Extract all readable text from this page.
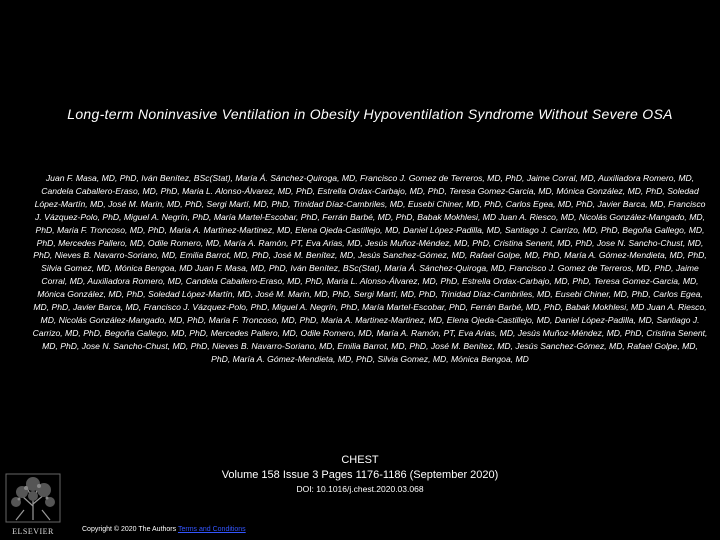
Long-term Noninvasive Ventilation in Obesity Hypoventilation Syndrome Without Severe OSA
Juan F. Masa, MD, PhD, Iván Benítez, BSc(Stat), María Á. Sánchez-Quiroga, MD, Francisco J. Gomez de Terreros, MD, PhD, Jaime Corral, MD, Auxiliadora Romero, MD, Candela Caballero-Eraso, MD, PhD, Maria L. Alonso-Álvarez, MD, PhD, Estrella Ordax-Carbajo, MD, PhD, Teresa Gomez-Garcia, MD, Mónica González, MD, PhD, Soledad López-Martín, MD, José M. Marin, MD, PhD, Sergi Martí, MD, PhD, Trinidad Díaz-Cambriles, MD, Eusebi Chiner, MD, PhD, Carlos Egea, MD, PhD, Javier Barca, MD, Francisco J. Vázquez-Polo, PhD, Miguel A. Negrín, PhD, María Martel-Escobar, PhD, Ferrán Barbé, MD, PhD, Babak Mokhlesi, MD Juan A. Riesco, MD, Nicolás González-Mangado, MD, PhD, Maria F. Troncoso, MD, PhD, Maria A. Martinez-Martinez, MD, Elena Ojeda-Castillejo, MD, Daniel López-Padilla, MD, Santiago J. Carrizo, MD, PhD, Begoña Gallego, MD, PhD, Mercedes Pallero, MD, Odile Romero, MD, María A. Ramón, PT, Eva Arias, MD, Jesús Muñoz-Méndez, MD, PhD, Cristina Senent, MD, PhD, Jose N. Sancho-Chust, MD, PhD, Nieves B. Navarro-Soriano, MD, Emilia Barrot, MD, PhD, José M. Benítez, MD, Jesús Sanchez-Gómez, MD, Rafael Golpe, MD, PhD, María A. Gómez-Mendieta, MD, PhD, Silvia Gomez, MD, Mónica Bengoa, MD Juan F. Masa, MD, PhD, Iván Benítez, BSc(Stat), María Á. Sánchez-Quiroga, MD, Francisco J. Gomez de Terreros, MD, PhD, Jaime Corral, MD, Auxiliadora Romero, MD, Candela Caballero-Eraso, MD, PhD, Maria L. Alonso-Álvarez, MD, PhD, Estrella Ordax-Carbajo, MD, PhD, Teresa Gomez-Garcia, MD, Mónica González, MD, PhD, Soledad López-Martín, MD, José M. Marin, MD, PhD, Sergi Martí, MD, PhD, Trinidad Díaz-Cambriles, MD, Eusebi Chiner, MD, PhD, Carlos Egea, MD, PhD, Javier Barca, MD, Francisco J. Vázquez-Polo, PhD, Miguel A. Negrín, PhD, María Martel-Escobar, PhD, Ferrán Barbé, MD, PhD, Babak Mokhlesi, MD Juan A. Riesco, MD, Nicolás González-Mangado, MD, PhD, Maria F. Troncoso, MD, PhD, Maria A. Martinez-Martinez, MD, Elena Ojeda-Castillejo, MD, Daniel López-Padilla, MD, Santiago J. Carrizo, MD, PhD, Begoña Gallego, MD, PhD, Mercedes Pallero, MD, Odile Romero, MD, María A. Ramón, PT, Eva Arias, MD, Jesús Muñoz-Méndez, MD, PhD, Cristina Senent, MD, PhD, Jose N. Sancho-Chust, MD, PhD, Nieves B. Navarro-Soriano, MD, Emilia Barrot, MD, PhD, José M. Benítez, MD, Jesús Sanchez-Gómez, MD, Rafael Golpe, MD, PhD, María A. Gómez-Mendieta, MD, PhD, Silvia Gomez, MD, Mónica Bengoa, MD
CHEST
Volume 158 Issue 3 Pages 1176-1186 (September 2020)
DOI: 10.1016/j.chest.2020.03.068
ELSEVIER	Copyright © 2020 The Authors Terms and Conditions
